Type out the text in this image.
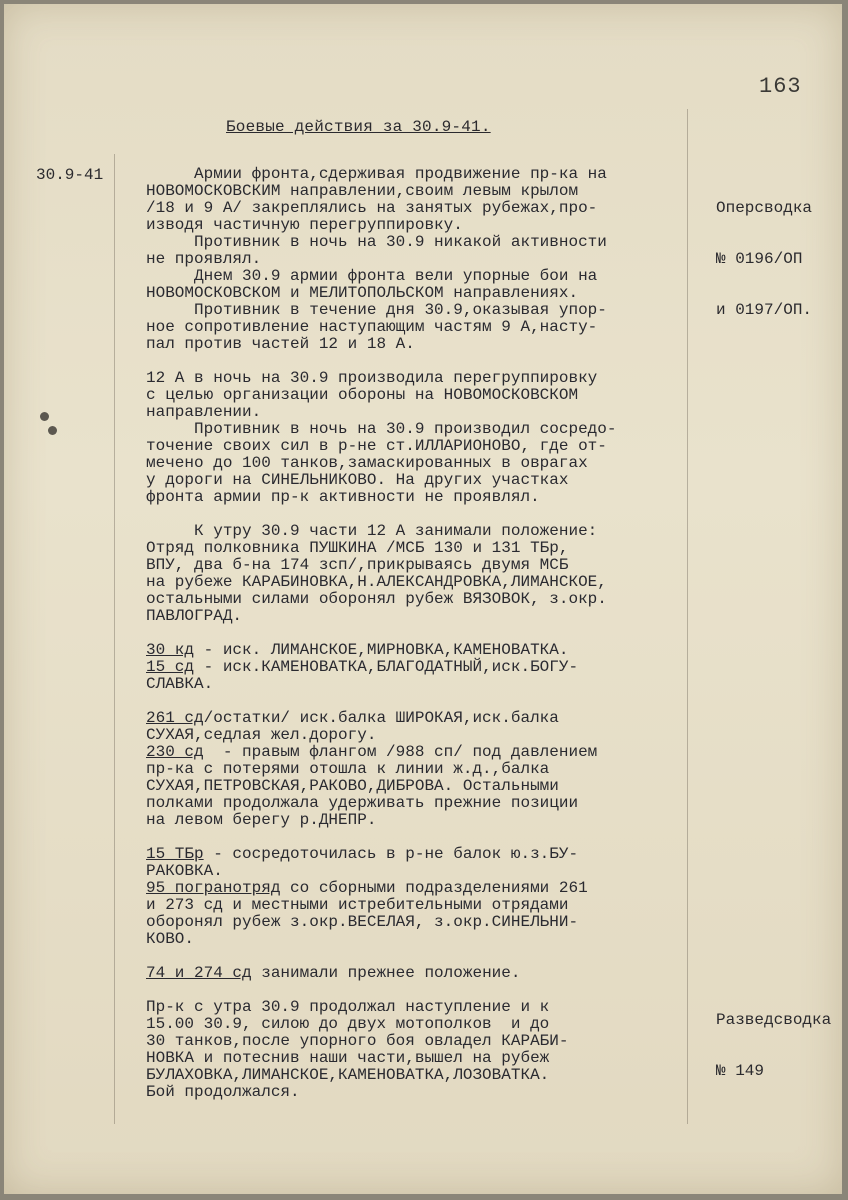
163
Боевые действия за 30.9-41.
30.9-41

Оперсводка

№ 0196/ОП

и 0197/ОП.

Разведсводка

№ 149

Армии фронта,сдерживая продвижение пр-ка на
НОВОМОСКОВСКИМ направлении,своим левым крылом
/18 и 9 А/ закреплялись на занятых рубежах,про-
изводя частичную перегруппировку.
Противник в ночь на 30.9 никакой активности
не проявлял.
Днем 30.9 армии фронта вели упорные бои на
НОВОМОСКОВСКОМ и МЕЛИТОПОЛЬСКОМ направлениях.
Противник в течение дня 30.9,оказывая упор-
ное сопротивление наступающим частям 9 А,насту-
пал против частей 12 и 18 А.
12 А в ночь на 30.9 производила перегруппировку
с целью организации обороны на НОВОМОСКОВСКОМ
направлении.
Противник в ночь на 30.9 производил сосредо-
точение своих сил в р-не ст.ИЛЛАРИОНОВО, где от-
мечено до 100 танков,замаскированных в оврагах
у дороги на СИНЕЛЬНИКОВО. На других участках
фронта армии пр-к активности не проявлял.
К утру 30.9 части 12 А занимали положение:
Отряд полковника ПУШКИНА /МСБ 130 и 131 ТБр,
ВПУ, два б-на 174 зсп/,прикрываясь двумя МСБ
на рубеже КАРАБИНОВКА,Н.АЛЕКСАНДРОВКА,ЛИМАНСКОЕ,
остальными силами оборонял рубеж ВЯЗОВОК, з.окр.
ПАВЛОГРАД.
30 кд - иск. ЛИМАНСКОЕ,МИРНОВКА,КАМЕНОВАТКА.
15 сд - иск.КАМЕНОВАТКА,БЛАГОДАТНЫЙ,иск.БОГУ-
СЛАВКА.
261 сд/остатки/ иск.балка ШИРОКАЯ,иск.балка
СУХАЯ,седлая жел.дорогу.
230 сд  - правым флангом /988 сп/ под давлением
пр-ка с потерями отошла к линии ж.д.,балка
СУХАЯ,ПЕТРОВСКАЯ,РАКОВО,ДИБРОВА. Остальными
полками продолжала удерживать прежние позиции
на левом берегу р.ДНЕПР.
15 ТБр - сосредоточилась в р-не балок ю.з.БУ-
РАКОВКА.
95 погранотряд со сборными подразделениями 261
и 273 сд и местными истребительными отрядами
оборонял рубеж з.окр.ВЕСЕЛАЯ, з.окр.СИНЕЛЬНИ-
КОВО.
74 и 274 сд занимали прежнее положение.
Пр-к с утра 30.9 продолжал наступление и к
15.00 30.9, силою до двух мотополков  и до
30 танков,после упорного боя овладел КАРАБИ-
НОВКА и потеснив наши части,вышел на рубеж
БУЛАХОВКА,ЛИМАНСКОЕ,КАМЕНОВАТКА,ЛОЗОВАТКА.
Бой продолжался.
